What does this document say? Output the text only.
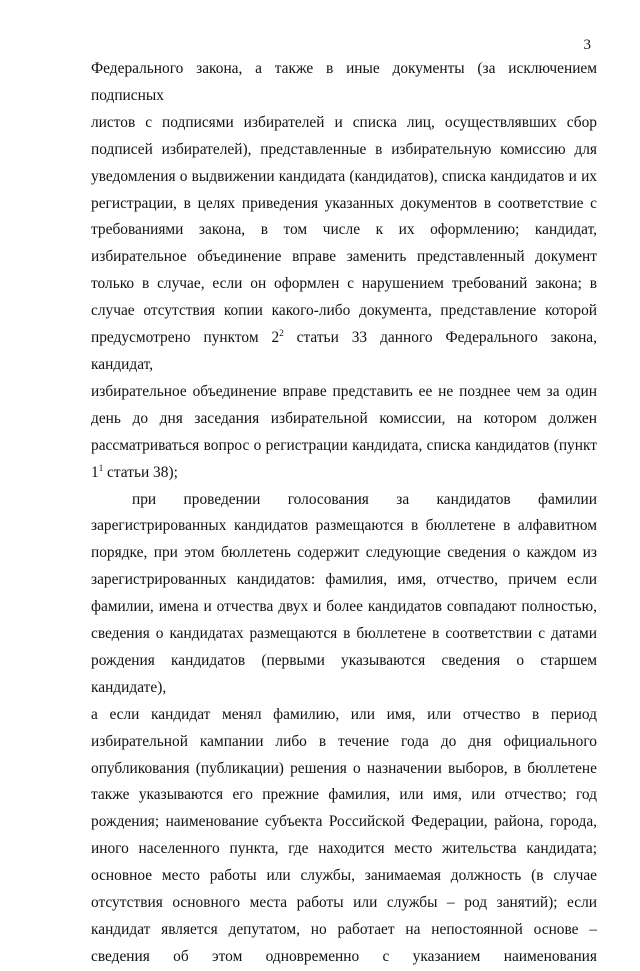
3

Федерального закона, а также в иные документы (за исключением подписных

листов с подписями избирателей и списка лиц, осуществлявших сбор

подписей избирателей), представленные в избирательную комиссию для

уведомления о выдвижении кандидата (кандидатов), списка кандидатов и их

регистрации, в целях приведения указанных документов в соответствие с

требованиями закона, в том числе к их оформлению; кандидат,

избирательное объединение вправе заменить представленный документ

только в случае, если он оформлен с нарушением требований закона; в

случае отсутствия копии какого-либо документа, представление которой

предусмотрено пунктом $2^2$ статьи 33 данного Федерального закона, кандидат,

избирательное объединение вправе представить ее не позднее чем за один

день до дня заседания избирательной комиссии, на котором должен

рассматриваться вопрос о регистрации кандидата, списка кандидатов (пункт

$1^1$ статьи 38);

при проведении голосования за кандидатов фамилии

зарегистрированных кандидатов размещаются в бюллетене в алфавитном

порядке, при этом бюллетень содержит следующие сведения о каждом из

зарегистрированных кандидатов: фамилия, имя, отчество, причем если

фамилии, имена и отчества двух и более кандидатов совпадают полностью,

сведения о кандидатах размещаются в бюллетене в соответствии с датами

рождения кандидатов (первыми указываются сведения о старшем кандидате),

а если кандидат менял фамилию, или имя, или отчество в период

избирательной кампании либо в течение года до дня официального

опубликования (публикации) решения о назначении выборов, в бюллетене

также указываются его прежние фамилия, или имя, или отчество; год

рождения; наименование субъекта Российской Федерации, района, города,

иного населенного пункта, где находится место жительства кандидата;

основное место работы или службы, занимаемая должность (в случае

отсутствия основного места работы или службы – род занятий); если

кандидат является депутатом, но работает на непостоянной основе –

сведения об этом одновременно с указанием наименования
